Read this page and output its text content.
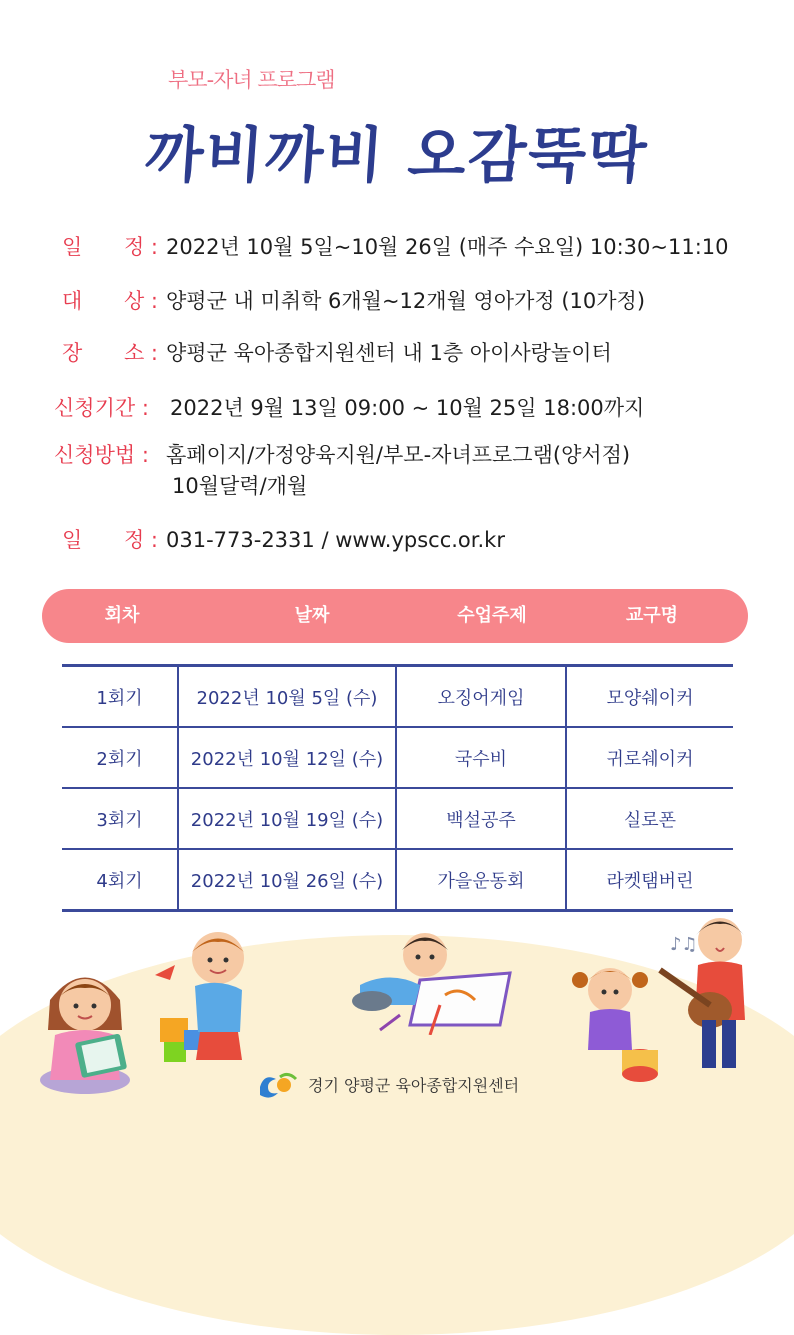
부모-자녀 프로그램
까비까비 오감뚝딱
일 정 : 2022년 10월 5일~10월 26일 (매주 수요일) 10:30~11:10
대 상 : 양평군 내 미취학 6개월~12개월 영아가정 (10가정)
장 소 : 양평군 육아종합지원센터 내 1층 아이사랑놀이터
신청기간 : 2022년 9월 13일 09:00 ~ 10월 25일 18:00까지
신청방법 : 홈페이지/가정양육지원/부모-자녀프로그램(양서점)
10월달력/개월
일 정 : 031-773-2331 / www.ypscc.or.kr
회차	날짜	수업주제	교구명
1회기	2022년 10월 5일 (수)	오징어게임	모양쉐이커
2회기	2022년 10월 12일 (수)	국수비	귀로쉐이커
3회기	2022년 10월 19일 (수)	백설공주	실로폰
4회기	2022년 10월 26일 (수)	가을운동회	라켓탬버린
♪♫
경기 양평군 육아종합지원센터
